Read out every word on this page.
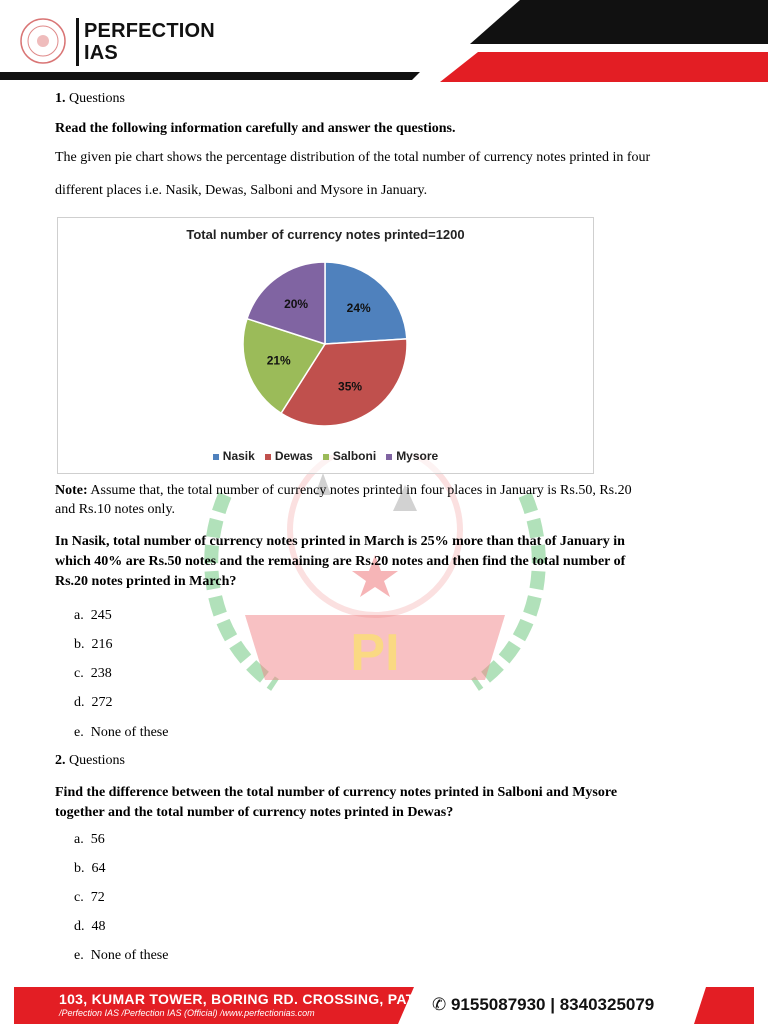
PERFECTION
IAS
PI
1. Questions
Read the following information carefully and answer the questions.
The given pie chart shows the percentage distribution of the total number of currency notes printed in four
different places i.e. Nasik, Dewas, Salboni and Mysore in January.
Total number of currency notes printed=1200
24%
35%
21%
20%
Nasik Dewas Salboni Mysore
Note: Assume that, the total number of currency notes printed in four places in January is Rs.50, Rs.20
and Rs.10 notes only.
In Nasik, total number of currency notes printed in March is 25% more than that of January in
which 40% are Rs.50 notes and the remaining are Rs.20 notes and then find the total number of
Rs.20 notes printed in March?
a. 245
b. 216
c. 238
d. 272
e. None of these
2. Questions
Find the difference between the total number of currency notes printed in Salboni and Mysore
together and the total number of currency notes printed in Dewas?
a. 56
b. 64
c. 72
d. 48
e. None of these
103, KUMAR TOWER, BORING RD. CROSSING, PATNA
/Perfection IAS /Perfection IAS (Official) /www.perfectionias.com	✆ 9155087930 | 8340325079
